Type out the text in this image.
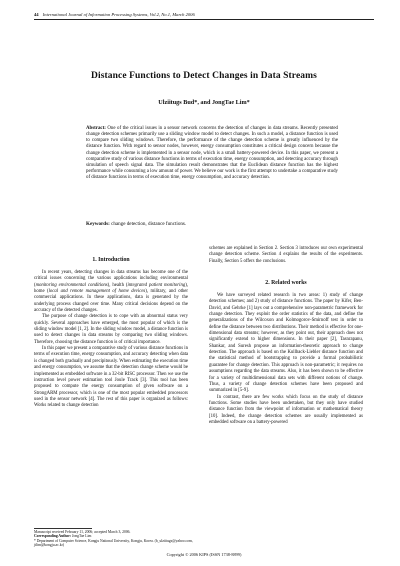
44 International Journal of Information Processing Systems, Vol.2, No.1, March 2006
Distance Functions to Detect Changes in Data Streams
Ulziitugs Bud*, and JongTae Lim*
Abstract: One of the critical issues in a sensor network concerns the detection of changes in data streams. Recently presented change detection schemes primarily use a sliding window model to detect changes. In such a model, a distance function is used to compare two sliding windows. Therefore, the performance of the change detection scheme is greatly influenced by the distance function. With regard to sensor nodes, however, energy consumption constitutes a critical design concern because the change detection scheme is implemented in a sensor node, which is a small battery-powered device. In this paper, we present a comparative study of various distance functions in terms of execution time, energy consumption, and detecting accuracy through simulation of speech signal data. The simulation result demonstrates that the Euclidean distance function has the highest performance while consuming a low amount of power. We believe our work is the first attempt to undertake a comparative study of distance functions in terms of execution time, energy consumption, and accuracy detection.
Keywords: change detection, distance functions.
1. Introduction

In recent years, detecting changes in data streams has become one of the critical issues concerning the various applications including environmental (monitoring environmental conditions), health (integrated patient monitoring), home (local and remote management of home devices), military, and other commercial applications. In these applications, data is generated by the underlying process changed over time. Many critical decisions depend on the accuracy of the detected changes.

The purpose of change detection is to cope with an abnormal status very quickly. Several approaches have emerged, the most popular of which is the sliding window model [1, 2]. In the sliding window model, a distance function is used to detect changes in data streams by comparing two sliding windows. Therefore, choosing the distance function is of critical importance.

In this paper we present a comparative study of various distance functions in terms of execution time, energy consumption, and accuracy detecting when data is changed both gradually and precipitously. When estimating the execution time and energy consumption, we assume that the detection change scheme would be implemented as embedded software in a 32-bit RISC processor. Then we use the instruction level power estimation tool Joule Track [3]. This tool has been proposed to compute the energy consumption of given software on a StrongARM processor, which is one of the most popular embedded processors used in the sensor network [4]. The rest of this paper is organized as follows: Works related to change detection

schemes are explained in Section 2. Section 3 introduces our own experimental change detection scheme. Section 4 explains the results of the experiments. Finally, Section 5 offers the conclusions.

2. Related works

We have surveyed related research in two areas: 1) study of change detection schemes; and 2) study of distance functions. The paper by Kifer, Ben-David, and Gehrke [1] lays out a comprehensive non-parametric framework for change detection. They exploit the order statistics of the data, and define the generalizations of the Wilcoxon and Kolmogorov-Smirnoff test in order to define the distance between two distributions. Their method is effective for one-dimensional data streams; however, as they point out, their approach does not significantly extend to higher dimensions. In their paper [2], Tasnrapanu, Shankar, and Suresh propose an information-theoretic approach to change detection. The approach is based on the Kullback-Liebler distance function and the statistical method of bootstrapping to provide a formal probabilistic guarantee for change detection. This approach is non-parametric; it requires no assumptions regarding the data streams. Also, it has been shown to be effective for a variety of multidimensional data sets with different notions of change. Thus, a variety of change detection schemes have been proposed and summarized in [5-9].

In contrast, there are few works which focus on the study of distance functions. Some studies have been undertaken, but they only have studied distance function from the viewpoint of information or mathematical theory [10]. Indeed, the change detection schemes are usually implemented as embedded software on a battery-powered

Manuscript received February 11, 2006; accepted March 3, 2006.
Corresponding Author: JongTae Lim
* Department of Computer Science, Kongju National University, Kongju, Korea. (b_ulziitugs@yahoo.com, jtlim@kongju.ac.kr)
Copyright © 2006 KIPS (ISSN 1738-8899)
